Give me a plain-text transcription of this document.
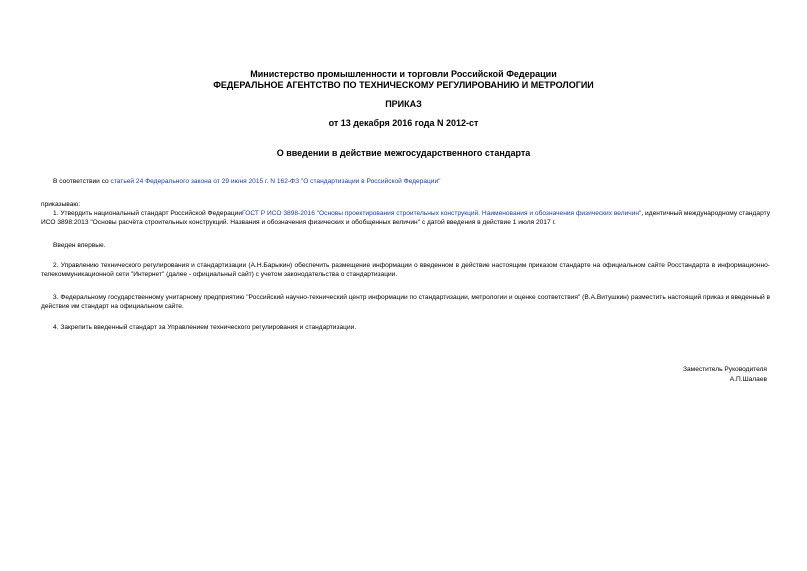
Министерство промышленности и торговли Российской Федерации
ФЕДЕРАЛЬНОЕ АГЕНТСТВО ПО ТЕХНИЧЕСКОМУ РЕГУЛИРОВАНИЮ И МЕТРОЛОГИИ
ПРИКАЗ
от 13 декабря 2016 года N 2012-ст
О введении в действие межгосударственного стандарта
В соответствии со статьей 24 Федерального закона от 29 июня 2015 г. N 162-ФЗ "О стандартизации в Российской Федерации"
приказываю:
1. Утвердить национальный стандарт Российской ФедерацииГОСТ Р ИСО 3898-2016 "Основы проектирования строительных конструкций. Наименования и обозначения физических величин", идентичный международному стандарту ИСО 3898:2013 "Основы расчёта строительных конструкций. Названия и обозначения физических и обобщенных величин" с датой введения в действие 1 июля 2017 г.
Введен впервые.
2. Управлению технического регулирования и стандартизации (А.Н.Барыкин) обеспечить размещение информации о введенном в действие настоящим приказом стандарте на официальном сайте Росстандарта в информационно-телекоммуникационной сети "Интернет" (далее - официальный сайт) с учетом законодательства о стандартизации.
3. Федеральному государственному унитарному предприятию "Российский научно-технический центр информации по стандартизации, метрологии и оценке соответствия" (В.А.Витушкин) разместить настоящий приказ и введенный в действие им стандарт на официальном сайте.
4. Закрепить введенный стандарт за Управлением технического регулирования и стандартизации.
Заместитель Руководителя
А.П.Шалаев
